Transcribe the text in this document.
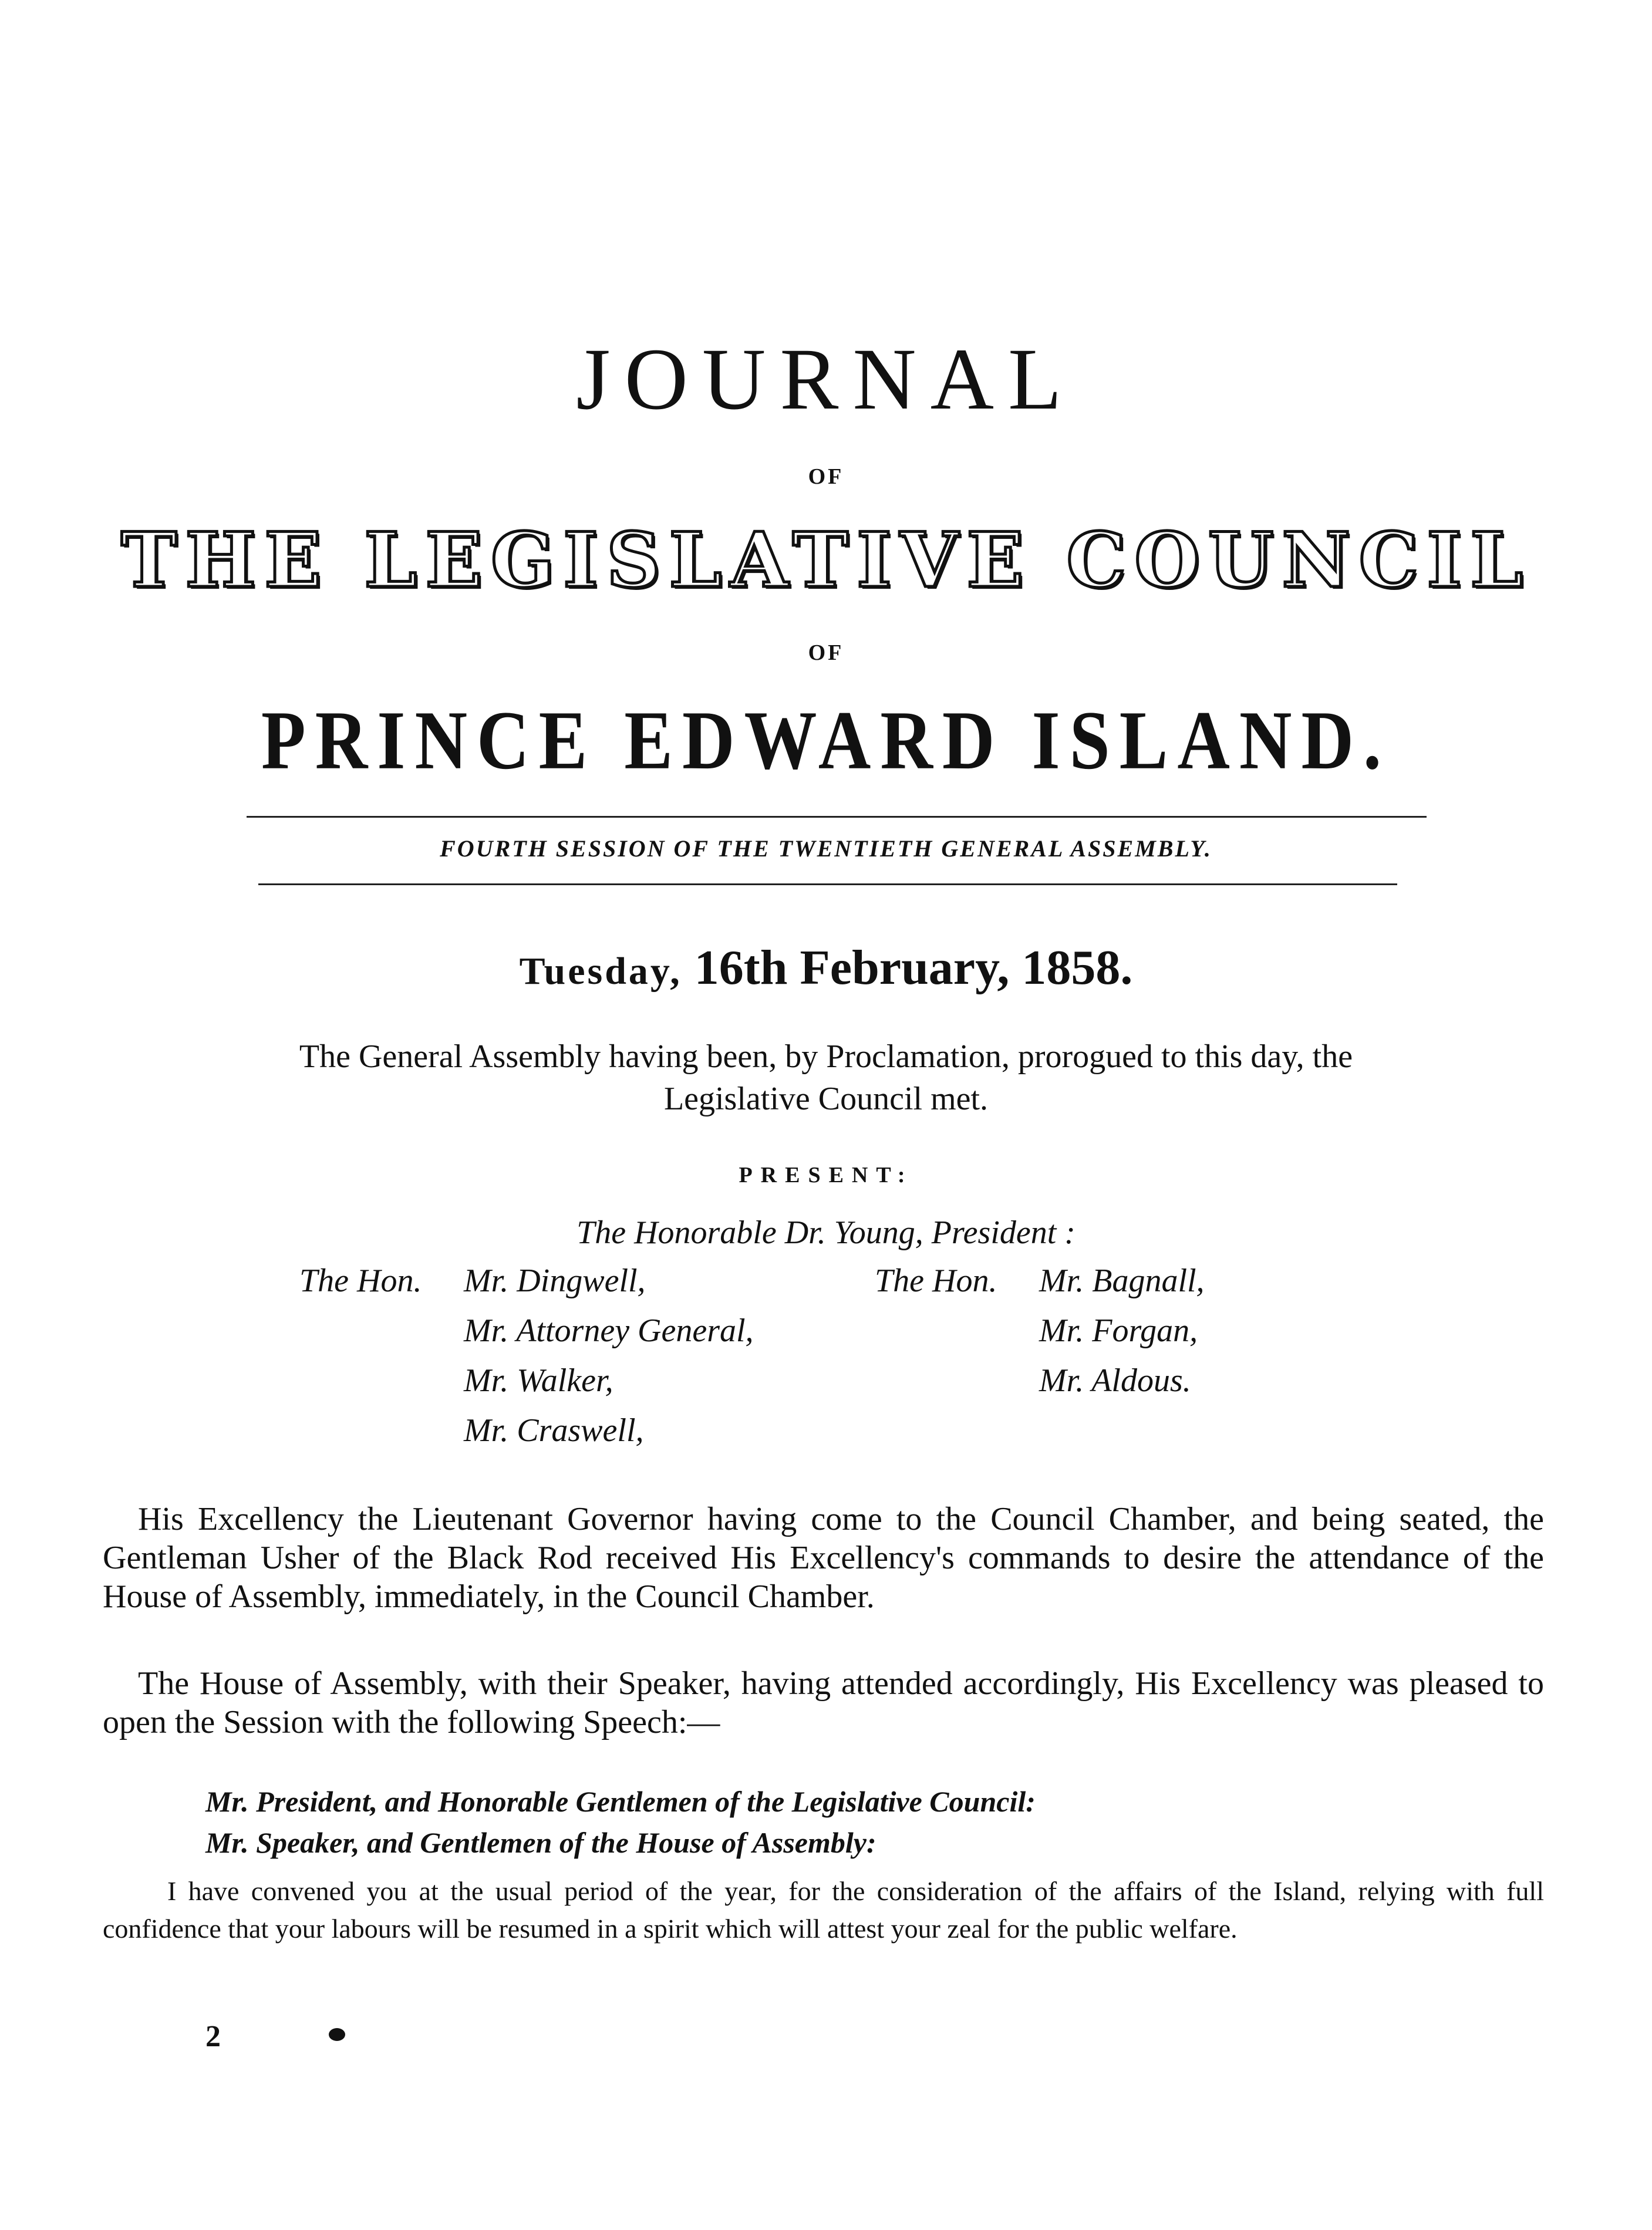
JOURNAL
OF
THE LEGISLATIVE COUNCIL
OF
PRINCE EDWARD ISLAND.
FOURTH SESSION OF THE TWENTIETH GENERAL ASSEMBLY.
Tuesday, 16th February, 1858.
The General Assembly having been, by Proclamation, prorogued to this day, the Legislative Council met.
PRESENT:
The Honorable Dr. Young, President :
The Hon. Mr. Dingwell,
Mr. Attorney General,
Mr. Walker,
Mr. Craswell,
The Hon. Mr. Bagnall,
Mr. Forgan,
Mr. Aldous.
His Excellency the Lieutenant Governor having come to the Council Chamber, and being seated, the Gentleman Usher of the Black Rod received His Excellency's commands to desire the attendance of the House of Assembly, immediately, in the Council Chamber.
The House of Assembly, with their Speaker, having attended accordingly, His Excellency was pleased to open the Session with the following Speech:—
Mr. President, and Honorable Gentlemen of the Legislative Council:
Mr. Speaker, and Gentlemen of the House of Assembly:
I have convened you at the usual period of the year, for the consideration of the affairs of the Island, relying with full confidence that your labours will be resumed in a spirit which will attest your zeal for the public welfare.
2
